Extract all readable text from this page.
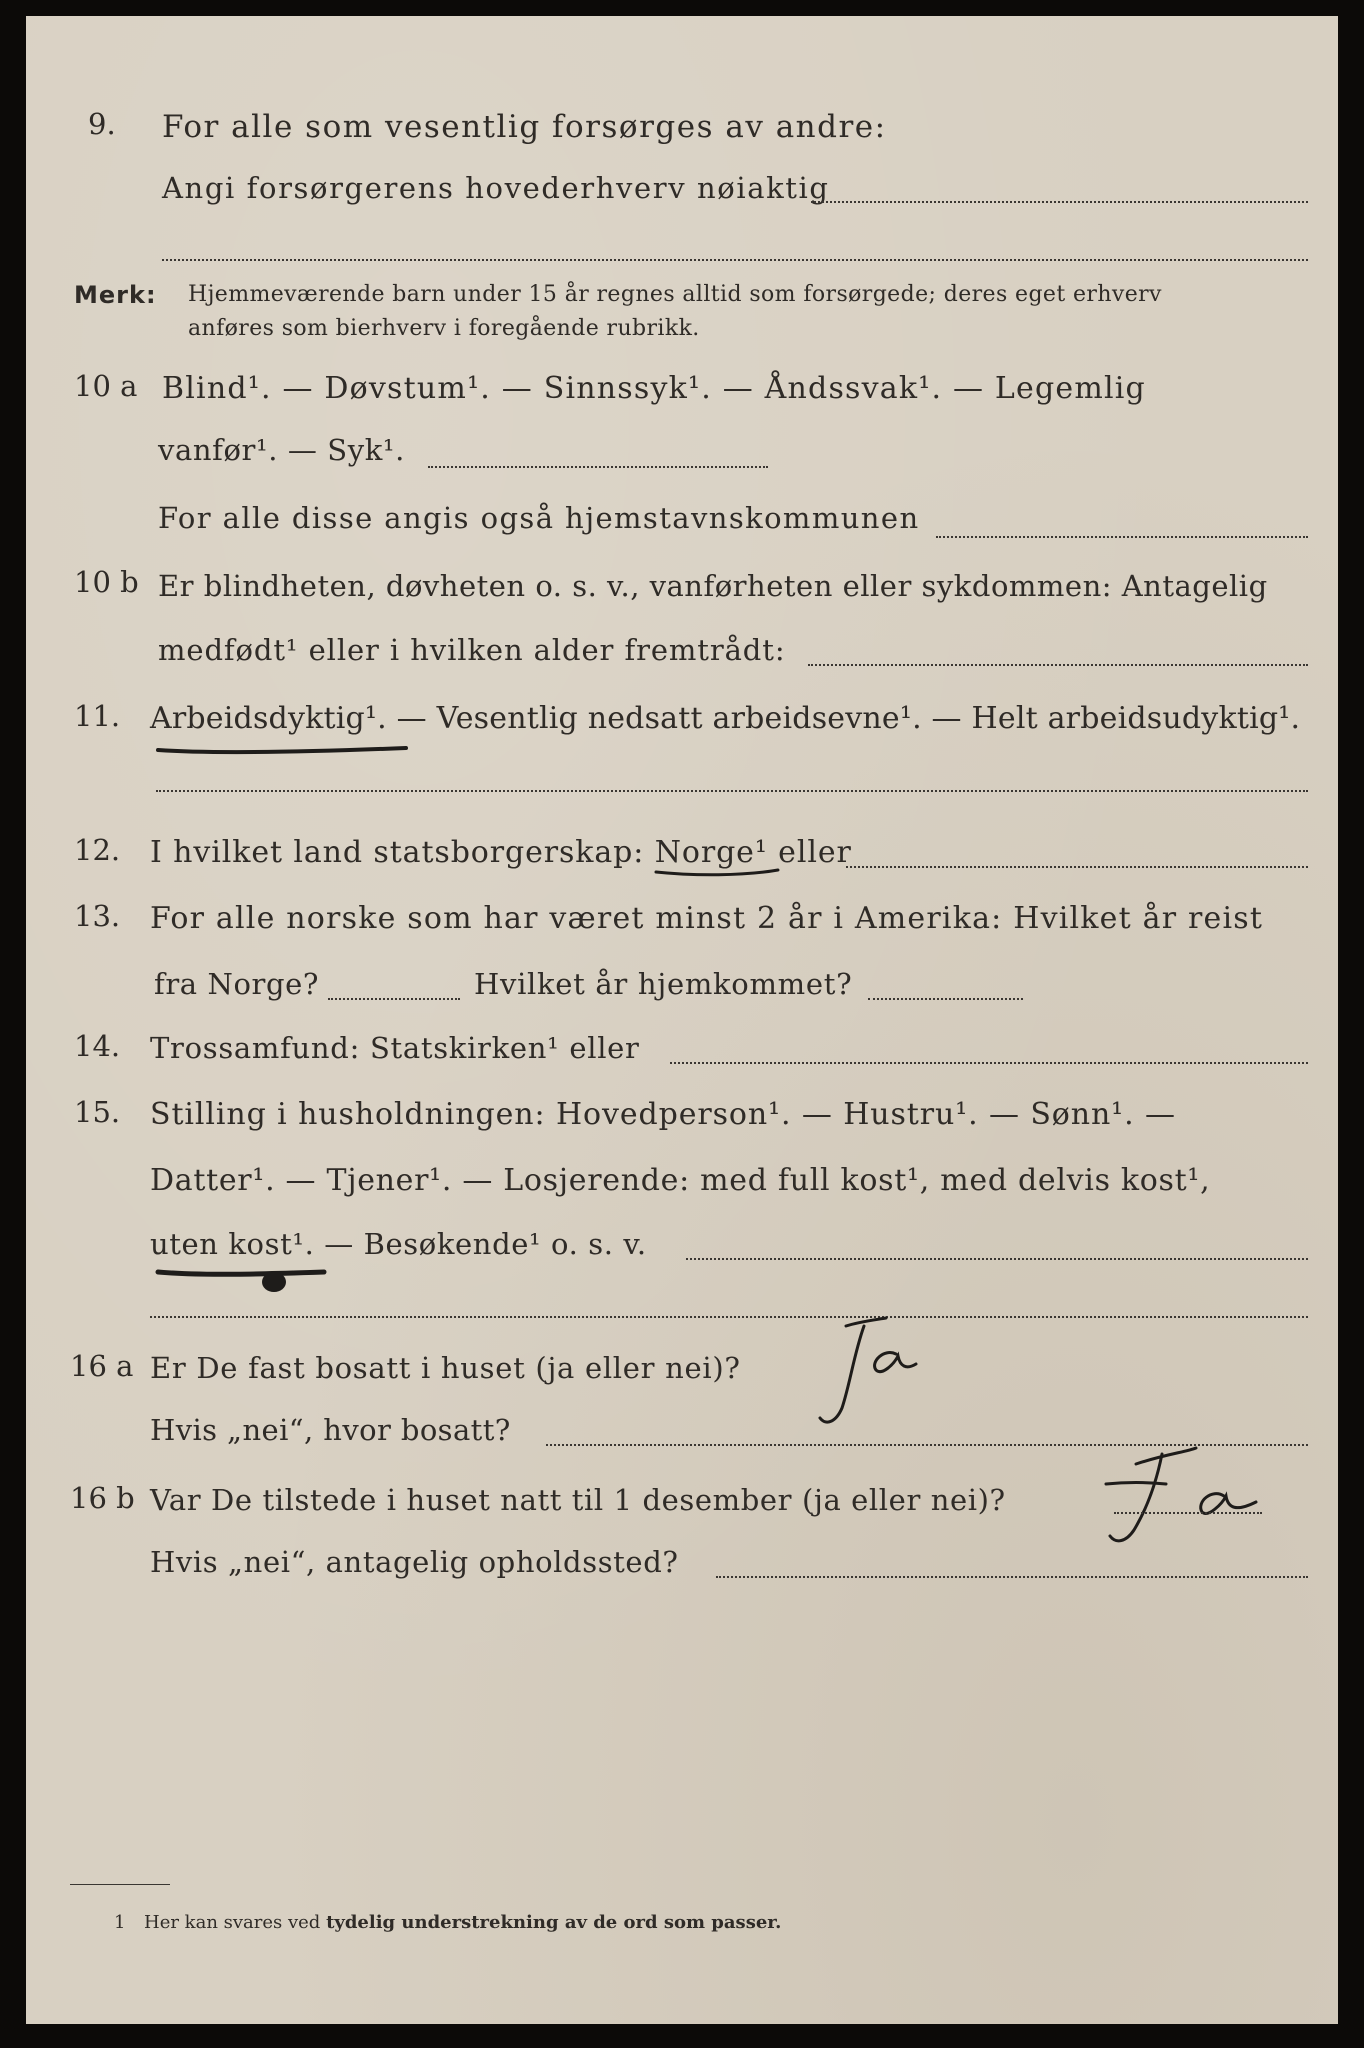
9. For alle som vesentlig forsørges av andre:
Angi forsørgerens hovederhverv nøiaktig
Merk: Hjemmeværende barn under 15 år regnes alltid som forsørgede; deres eget erhverv
anføres som bierhverv i foregående rubrikk.
10 a Blind¹. — Døvstum¹. — Sinnssyk¹. — Åndssvak¹. — Legemlig
vanfør¹. — Syk¹.
For alle disse angis også hjemstavnskommunen
10 b Er blindheten, døvheten o. s. v., vanførheten eller sykdommen: Antagelig
medfødt¹ eller i hvilken alder fremtrådt:
11. Arbeidsdyktig¹. — Vesentlig nedsatt arbeidsevne¹. — Helt arbeidsudyktig¹.
12. I hvilket land statsborgerskap: Norge¹ eller
13. For alle norske som har været minst 2 år i Amerika: Hvilket år reist
fra Norge?	Hvilket år hjemkommet?
14. Trossamfund: Statskirken¹ eller
15. Stilling i husholdningen: Hovedperson¹. — Hustru¹. — Sønn¹. —
Datter¹. — Tjener¹. — Losjerende: med full kost¹, med delvis kost¹,
uten kost¹. — Besøkende¹ o. s. v.
16 a Er De fast bosatt i huset (ja eller nei)?
Hvis „nei“, hvor bosatt?
16 b Var De tilstede i huset natt til 1 desember (ja eller nei)?
Hvis „nei“, antagelig opholdssted?
1 Her kan svares ved tydelig understrekning av de ord som passer.
